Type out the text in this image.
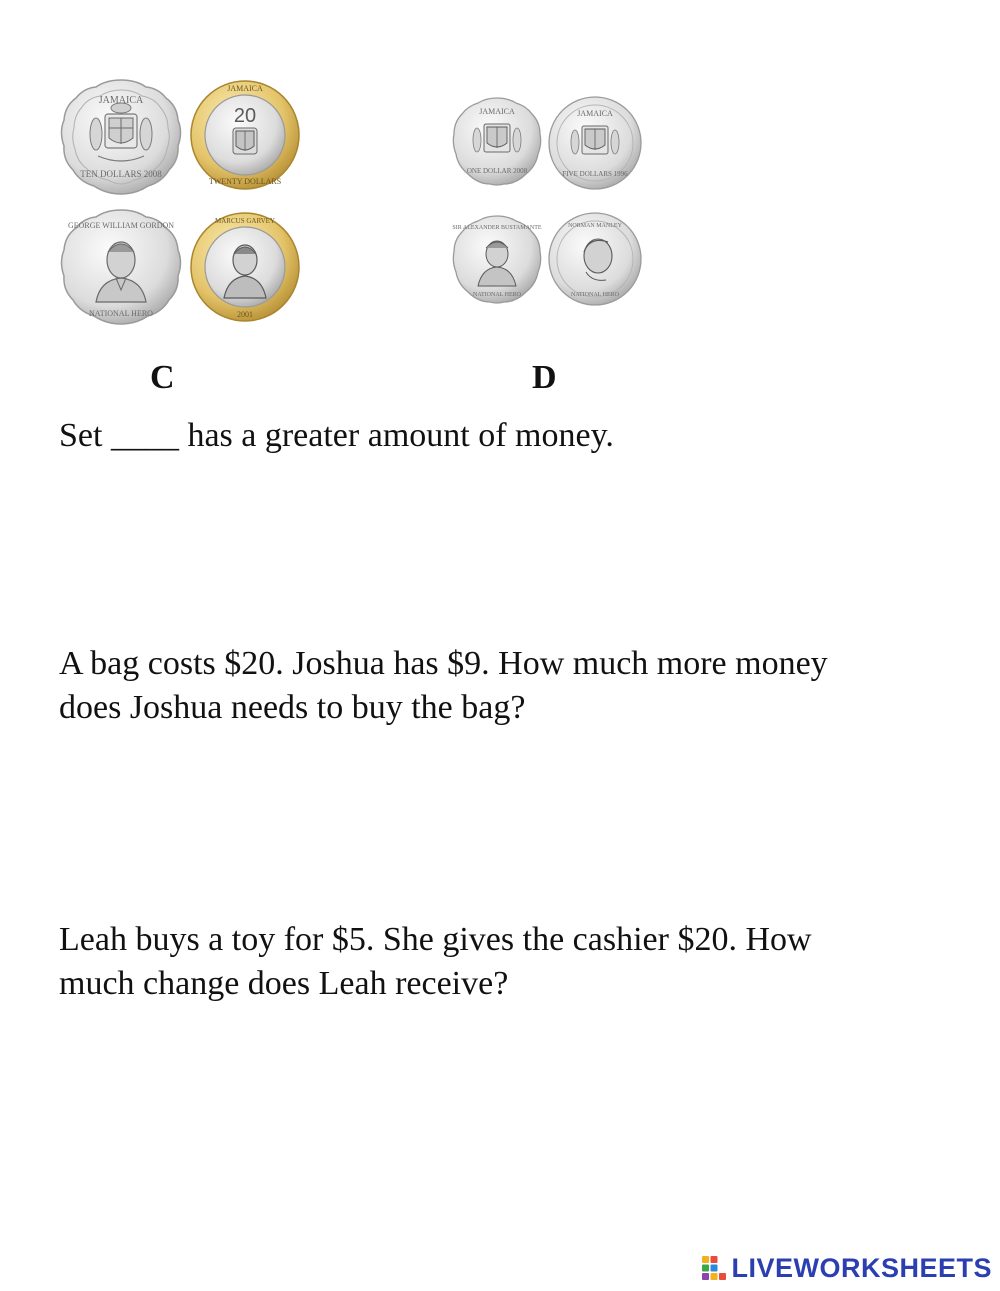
JAMAICA
TEN DOLLARS 2008
20
JAMAICA
TWENTY DOLLARS
GEORGE WILLIAM GORDON
NATIONAL HERO
MARCUS GARVEY
2001
JAMAICA
ONE DOLLAR 2008
JAMAICA
FIVE DOLLARS 1996
SIR ALEXANDER BUSTAMANTE
NATIONAL HERO
NORMAN MANLEY
NATIONAL HERO
C	D
Set ____ has a greater amount of money.
A bag costs $20. Joshua has $9. How much more money
does Joshua needs to buy the bag?
Leah buys a toy for $5. She gives the cashier $20. How
much change does Leah receive?
LIVEWORKSHEETS
